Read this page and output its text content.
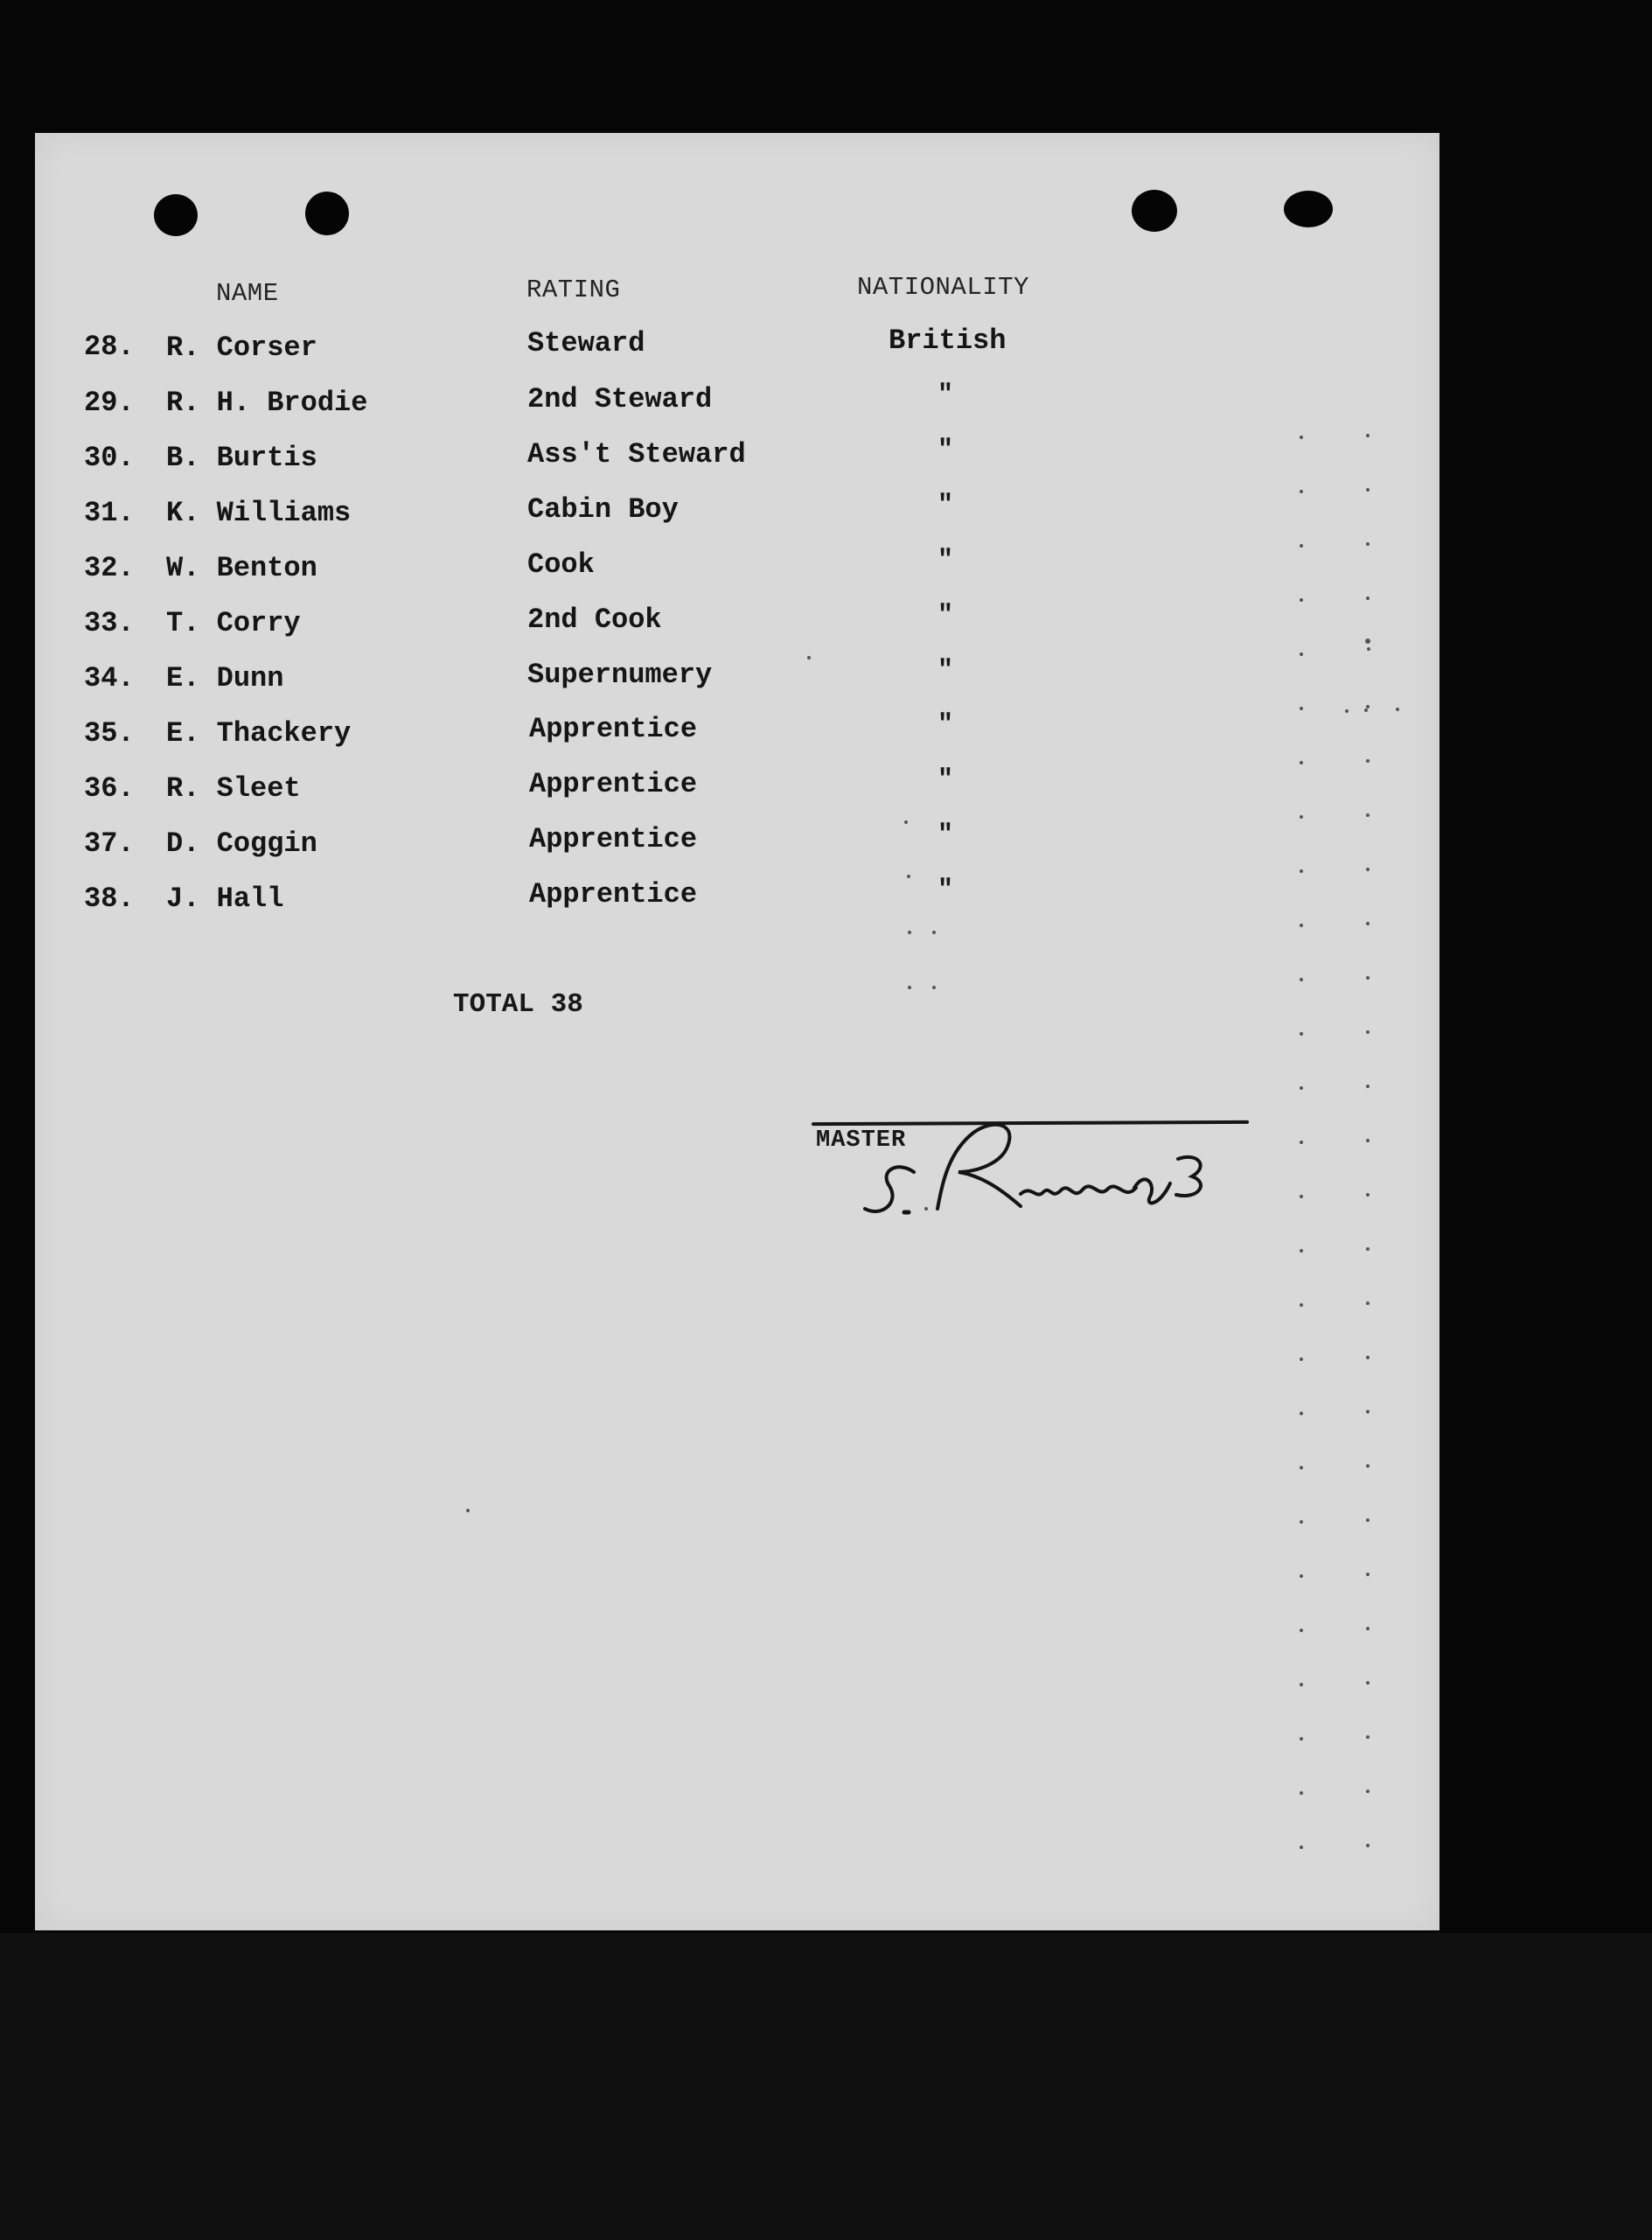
NAME	RATING	NATIONALITY
28. R. Corser	Steward	British
29. R. H. Brodie	2nd Steward	"
30. B. Burtis	Ass't Steward	"
31. K. Williams	Cabin Boy	"
32. W. Benton	Cook	"
33. T. Corry	2nd Cook	"
34. E. Dunn	Supernumery	"
35. E. Thackery	Apprentice	"
36. R. Sleet	Apprentice	"
37. D. Coggin	Apprentice	"
38. J. Hall	Apprentice	"
TOTAL 38
MASTER
